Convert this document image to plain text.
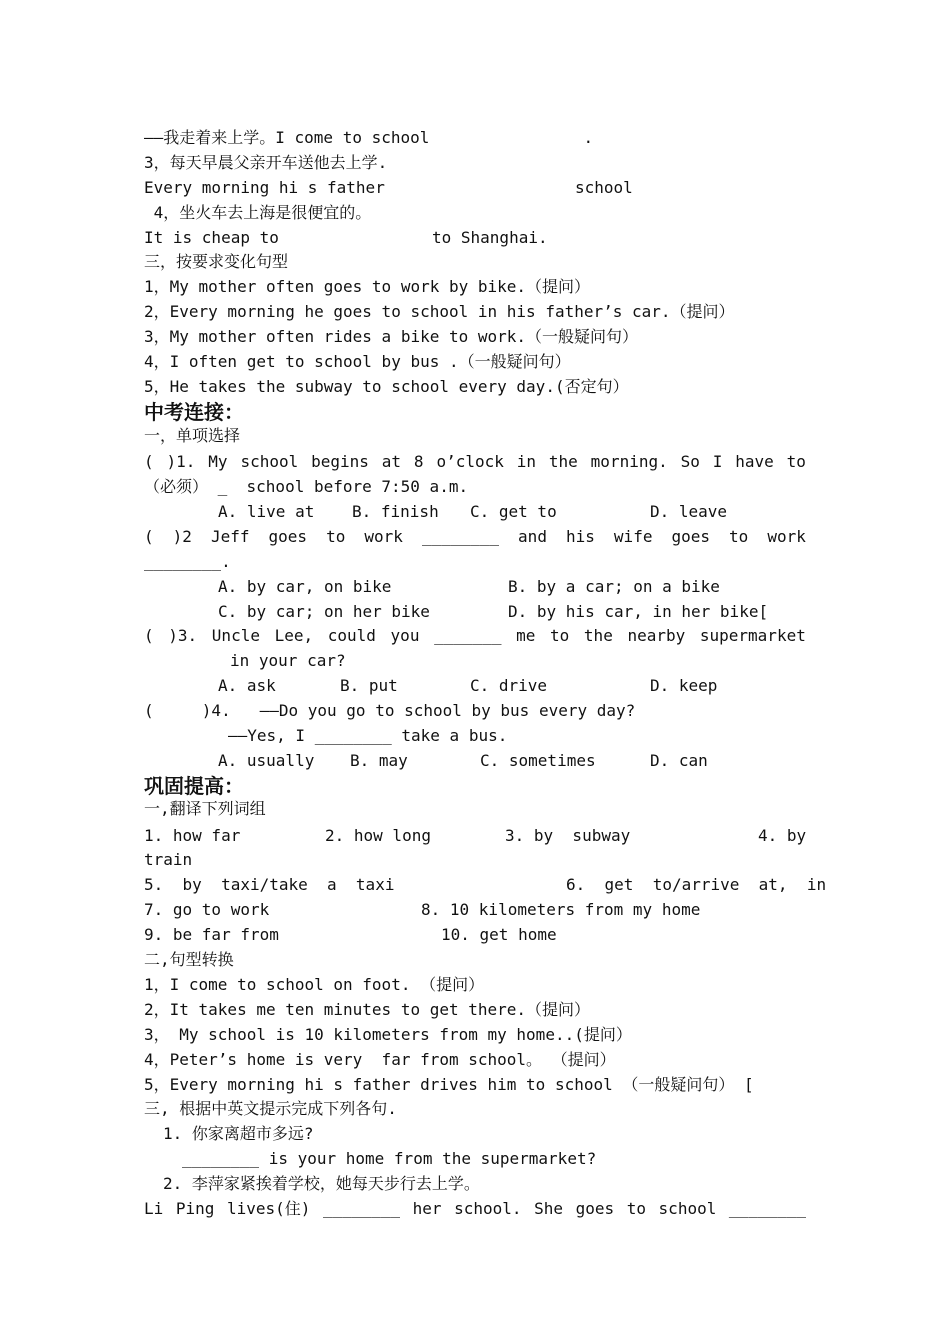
——我走着来上学。I come to school                .
3，每天早晨父亲开车送他去上学.
Every morning hi s father	school
4，坐火车去上海是很便宜的。
It is cheap to	to Shanghai.
三，按要求变化句型
1，My mother often goes to work by bike.（提问）
2，Every morning he goes to school in his father’s car.（提问）
3，My mother often rides a bike to work.（一般疑问句）
4，I often get to school by bus .（一般疑问句）
5，He takes the subway to school every day.(否定句）
中考连接：
一，单项选择
( )1. My school begins at 8 o’clock in the morning. So I have to
（必须） _  school before 7:50 a.m.
A. live at B. finish C. get to	D. leave
( )2 Jeff goes to work ________ and his wife goes to work
________.
A. by car, on bike	B. by a car; on a bike
C. by car; on her bike	D. by his car, in her bike[
( )3. Uncle Lee, could you _______ me to the nearby supermarket
in your car?
A. ask	B. put	C. drive	D. keep
(     )4.   ——Do you go to school by bus every day?
——Yes, I ________ take a bus.
A. usually B. may	C. sometimes	D. can
巩固提高：
一,翻译下列词组
1. how far	2. how long	3. by  subway	4. by
train
5.  by  taxi/take  a  taxi	6.  get  to/arrive  at,  in
7. go to work	8. 10 kilometers from my home
9. be far from	10. get home
二,句型转换
1，I come to school on foot. （提问）
2，It takes me ten minutes to get there.（提问）
3， My school is 10 kilometers from my home..(提问）
4，Peter’s home is very  far from school。 （提问）
5，Every morning hi s father drives him to school （一般疑问句） [
三, 根据中英文提示完成下列各句.
1. 你家离超市多远?
________ is your home from the supermarket?
2. 李萍家紧挨着学校，她每天步行去上学。
Li Ping lives(住) ________ her school. She goes to school ________
